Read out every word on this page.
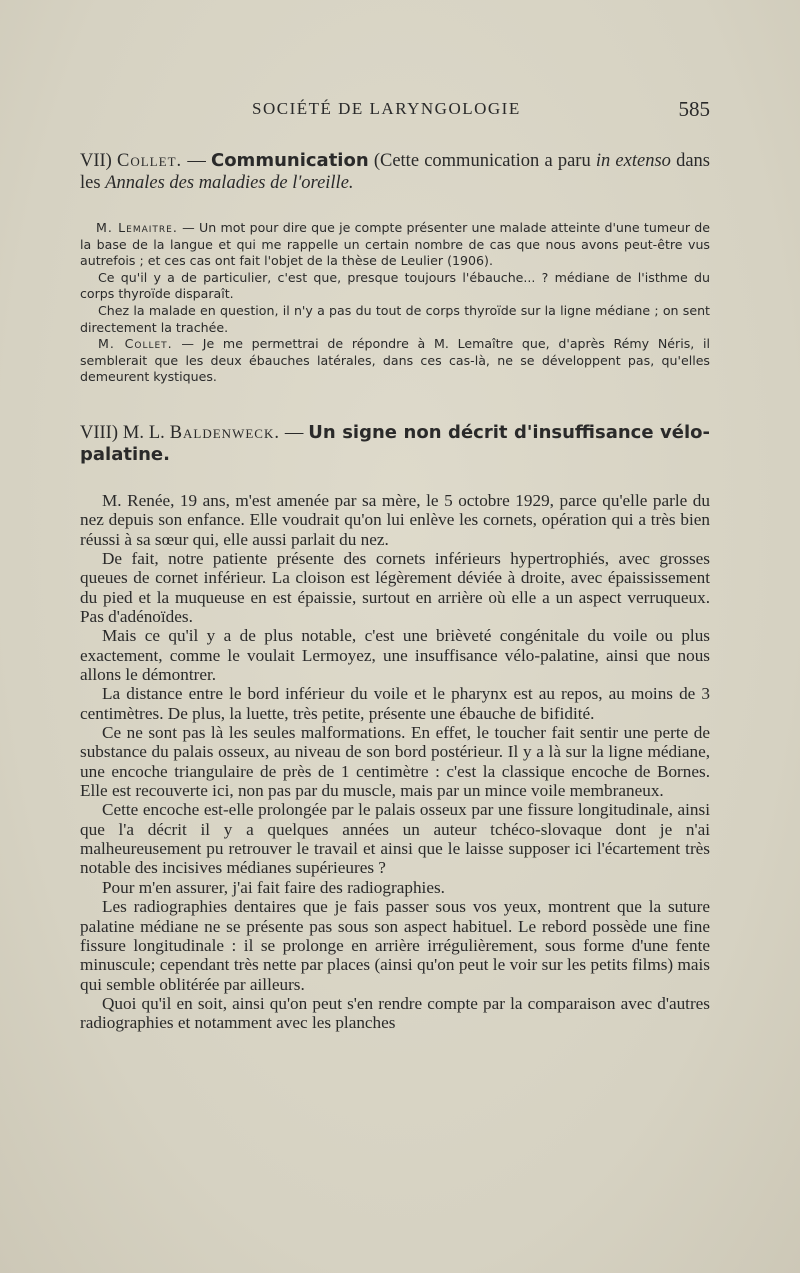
SOCIÉTÉ DE LARYNGOLOGIE	585

VII) Collet. — Communication (Cette communication a paru in extenso dans les Annales des maladies de l'oreille.

M. Lemaitre. — Un mot pour dire que je compte présenter une malade atteinte d'une tumeur de la base de la langue et qui me rappelle un certain nombre de cas que nous avons peut-être vus autrefois ; et ces cas ont fait l'objet de la thèse de Leulier (1906).

Ce qu'il y a de particulier, c'est que, presque toujours l'ébauche... ? médiane de l'isthme du corps thyroïde disparaît.

Chez la malade en question, il n'y a pas du tout de corps thyroïde sur la ligne médiane ; on sent directement la trachée.

M. Collet. — Je me permettrai de répondre à M. Lemaître que, d'après Rémy Néris, il semblerait que les deux ébauches latérales, dans ces cas-là, ne se développent pas, qu'elles demeurent kystiques.

VIII) M. L. Baldenweck. — Un signe non décrit d'insuffisance vélo-palatine.

M. Renée, 19 ans, m'est amenée par sa mère, le 5 octobre 1929, parce qu'elle parle du nez depuis son enfance. Elle voudrait qu'on lui enlève les cornets, opération qui a très bien réussi à sa sœur qui, elle aussi parlait du nez.

De fait, notre patiente présente des cornets inférieurs hypertrophiés, avec grosses queues de cornet inférieur. La cloison est légèrement déviée à droite, avec épaississement du pied et la muqueuse en est épaissie, surtout en arrière où elle a un aspect verruqueux. Pas d'adénoïdes.

Mais ce qu'il y a de plus notable, c'est une brièveté congénitale du voile ou plus exactement, comme le voulait Lermoyez, une insuffisance vélo-palatine, ainsi que nous allons le démontrer.

La distance entre le bord inférieur du voile et le pharynx est au repos, au moins de 3 centimètres. De plus, la luette, très petite, présente une ébauche de bifidité.

Ce ne sont pas là les seules malformations. En effet, le toucher fait sentir une perte de substance du palais osseux, au niveau de son bord postérieur. Il y a là sur la ligne médiane, une encoche triangulaire de près de 1 centimètre : c'est la classique encoche de Bornes. Elle est recouverte ici, non pas par du muscle, mais par un mince voile membraneux.

Cette encoche est-elle prolongée par le palais osseux par une fissure longitudinale, ainsi que l'a décrit il y a quelques années un auteur tchéco-slovaque dont je n'ai malheureusement pu retrouver le travail et ainsi que le laisse supposer ici l'écartement très notable des incisives médianes supérieures ?

Pour m'en assurer, j'ai fait faire des radiographies.

Les radiographies dentaires que je fais passer sous vos yeux, montrent que la suture palatine médiane ne se présente pas sous son aspect habituel. Le rebord possède une fine fissure longitudinale : il se prolonge en arrière irrégulièrement, sous forme d'une fente minuscule; cependant très nette par places (ainsi qu'on peut le voir sur les petits films) mais qui semble oblitérée par ailleurs.

Quoi qu'il en soit, ainsi qu'on peut s'en rendre compte par la comparaison avec d'autres radiographies et notamment avec les planches
